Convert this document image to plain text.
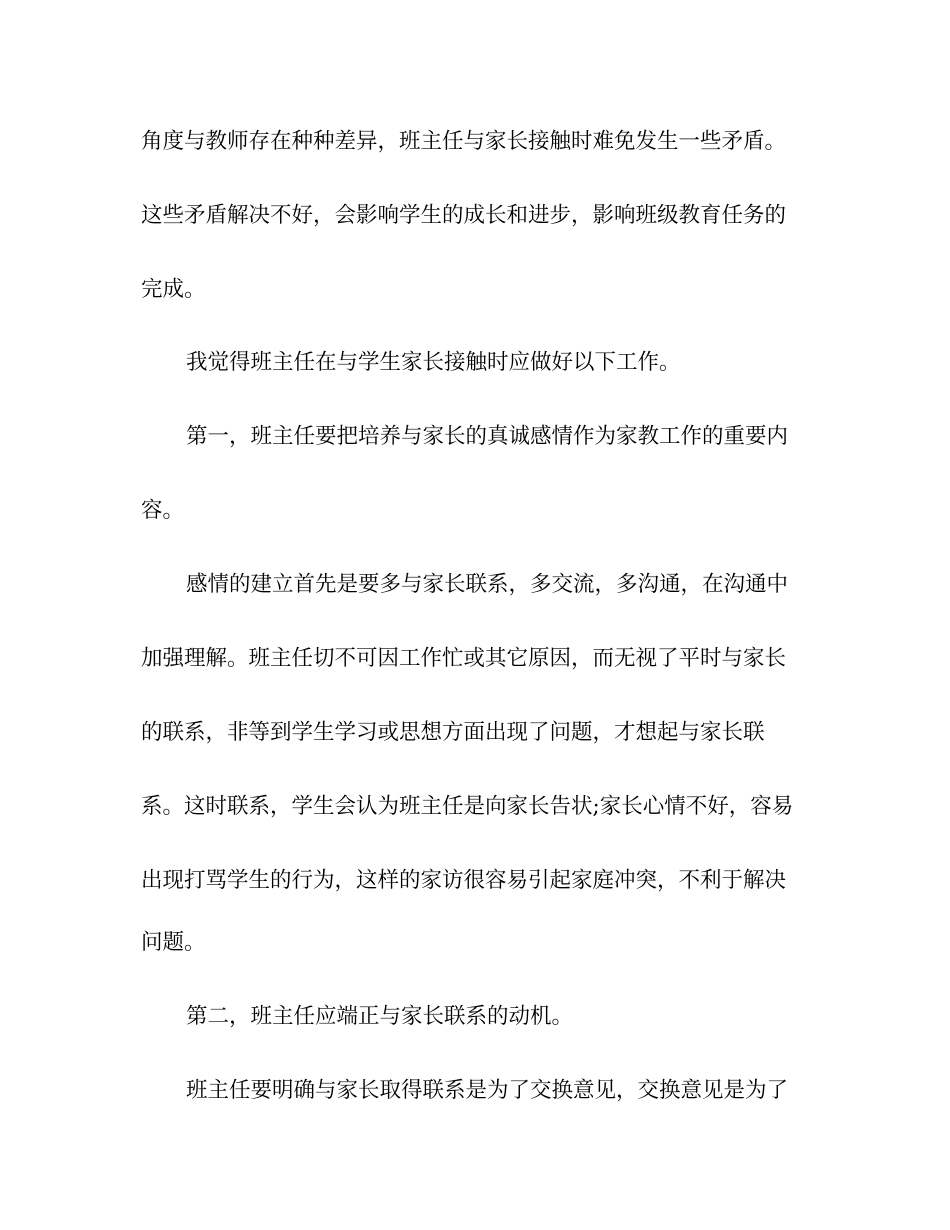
角度与教师存在种种差异，班主任与家长接触时难免发生一些矛盾。
这些矛盾解决不好，会影响学生的成长和进步，影响班级教育任务的
完成。
我觉得班主任在与学生家长接触时应做好以下工作。
第一，班主任要把培养与家长的真诚感情作为家教工作的重要内
容。
感情的建立首先是要多与家长联系，多交流，多沟通，在沟通中
加强理解。班主任切不可因工作忙或其它原因，而无视了平时与家长
的联系，非等到学生学习或思想方面出现了问题，才想起与家长联
系。这时联系，学生会认为班主任是向家长告状;家长心情不好，容易
出现打骂学生的行为，这样的家访很容易引起家庭冲突，不利于解决
问题。
第二，班主任应端正与家长联系的动机。
班主任要明确与家长取得联系是为了交换意见，交换意见是为了
